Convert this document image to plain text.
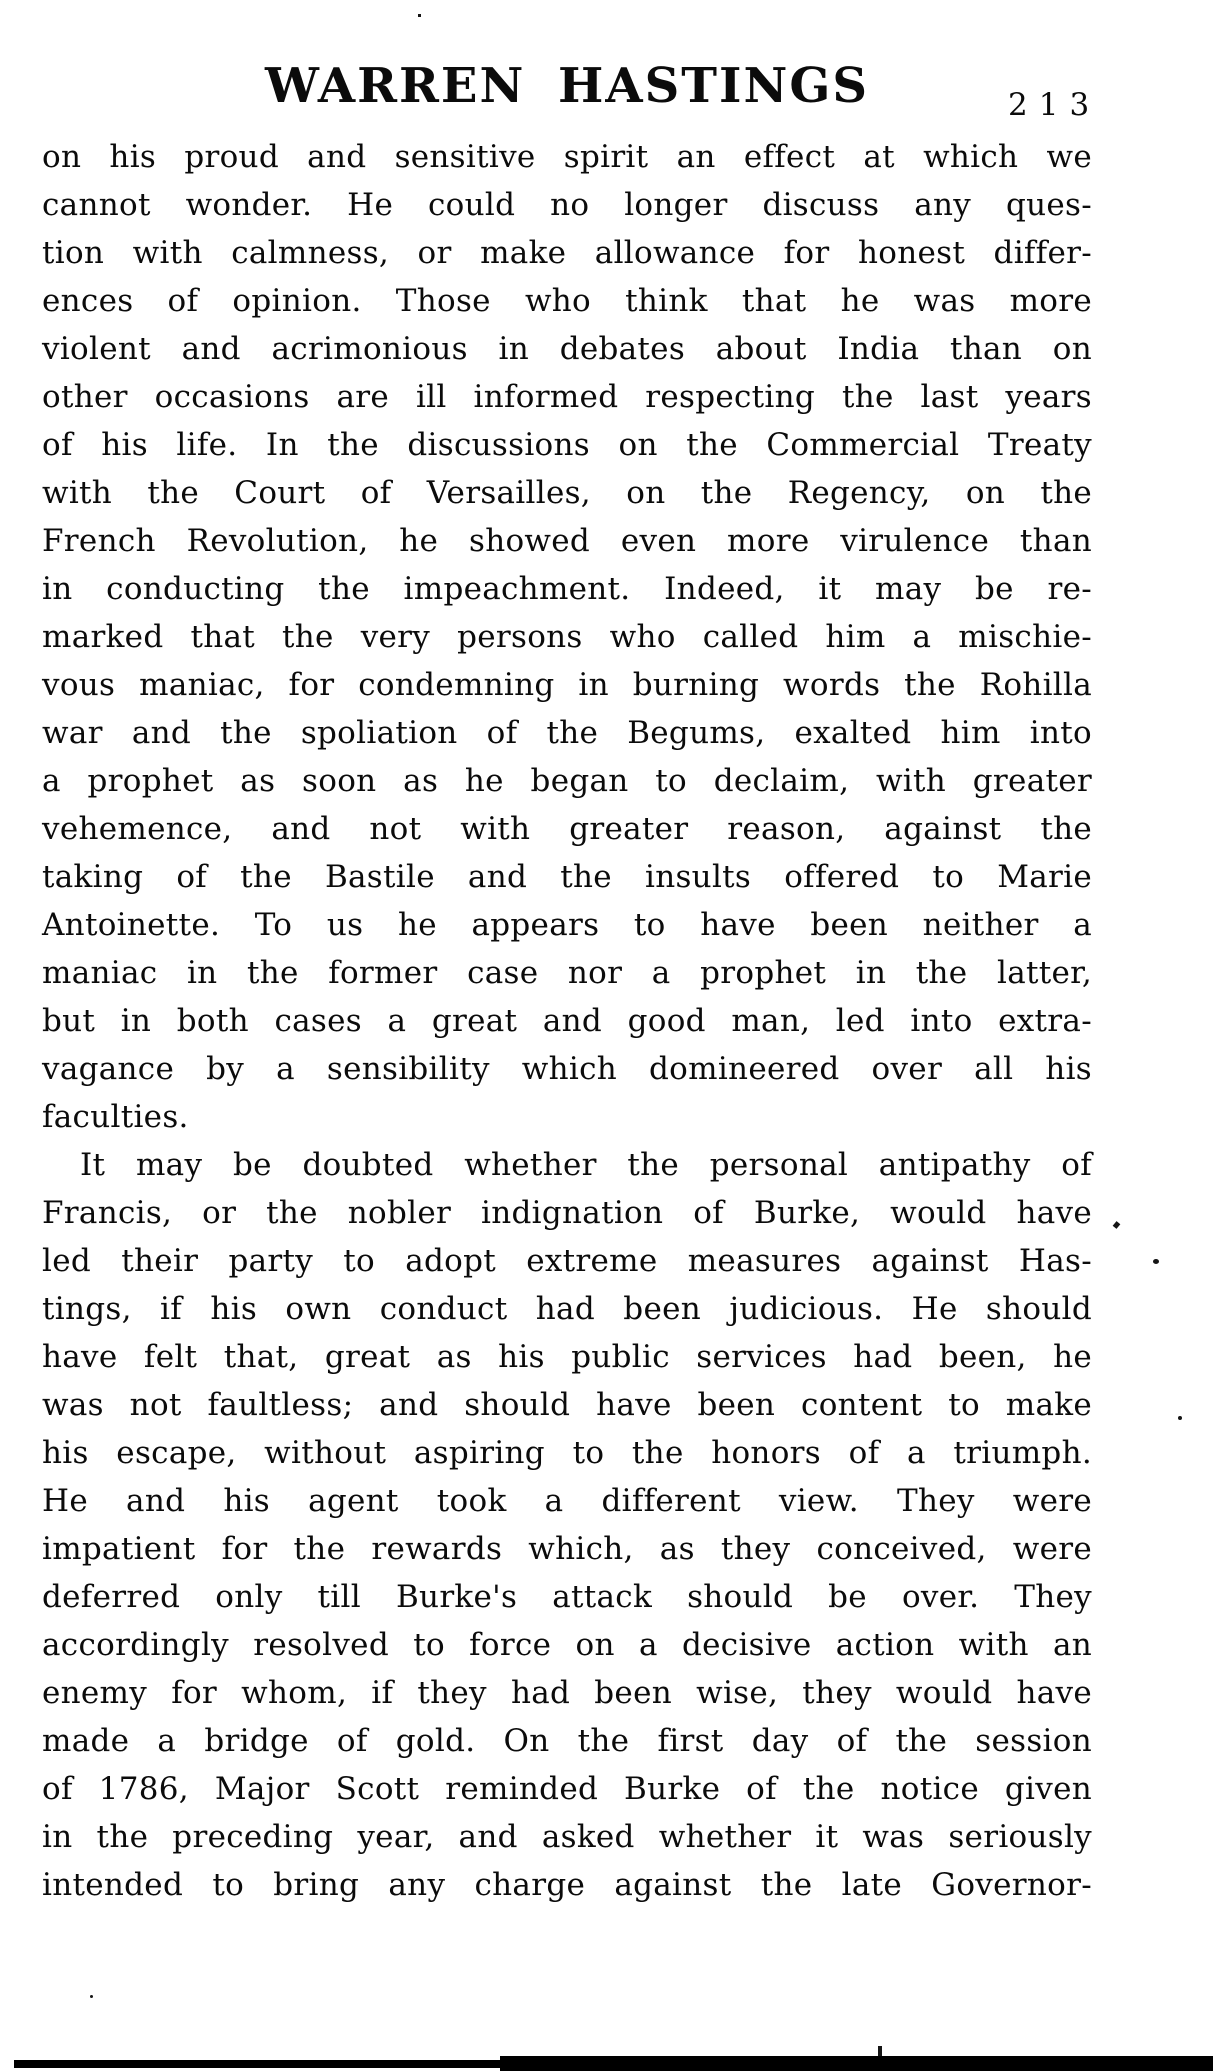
WARREN HASTINGS	213
on his proud and sensitive spirit an effect at which we
cannot wonder. He could no longer discuss any ques-
tion with calmness, or make allowance for honest differ-
ences of opinion. Those who think that he was more
violent and acrimonious in debates about India than on
other occasions are ill informed respecting the last years
of his life. In the discussions on the Commercial Treaty
with the Court of Versailles, on the Regency, on the
French Revolution, he showed even more virulence than
in conducting the impeachment. Indeed, it may be re-
marked that the very persons who called him a mischie-
vous maniac, for condemning in burning words the Rohilla
war and the spoliation of the Begums, exalted him into
a prophet as soon as he began to declaim, with greater
vehemence, and not with greater reason, against the
taking of the Bastile and the insults offered to Marie
Antoinette. To us he appears to have been neither a
maniac in the former case nor a prophet in the latter,
but in both cases a great and good man, led into extra-
vagance by a sensibility which domineered over all his
faculties.
It may be doubted whether the personal antipathy of
Francis, or the nobler indignation of Burke, would have
led their party to adopt extreme measures against Has-
tings, if his own conduct had been judicious. He should
have felt that, great as his public services had been, he
was not faultless; and should have been content to make
his escape, without aspiring to the honors of a triumph.
He and his agent took a different view. They were
impatient for the rewards which, as they conceived, were
deferred only till Burke's attack should be over. They
accordingly resolved to force on a decisive action with an
enemy for whom, if they had been wise, they would have
made a bridge of gold. On the first day of the session
of 1786, Major Scott reminded Burke of the notice given
in the preceding year, and asked whether it was seriously
intended to bring any charge against the late Governor-
